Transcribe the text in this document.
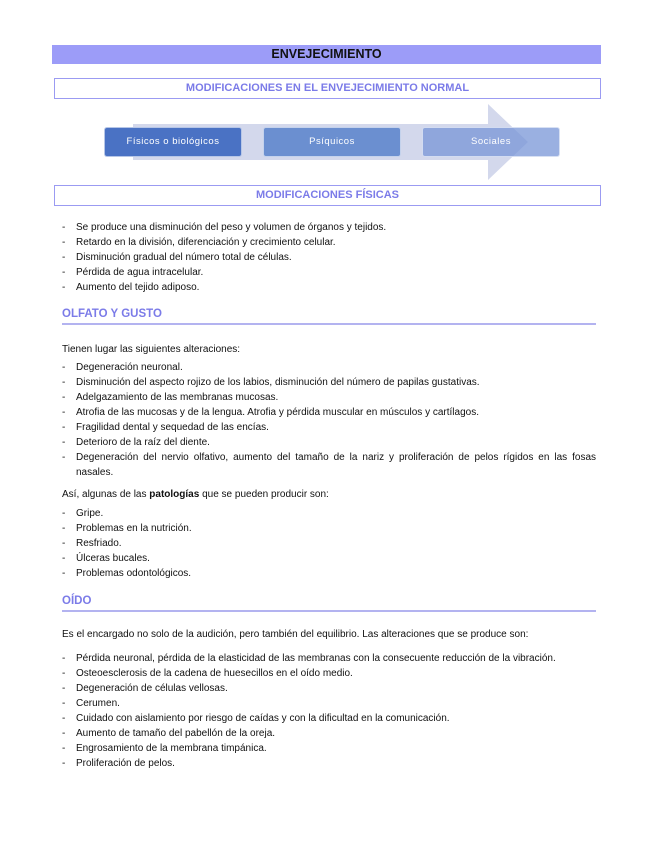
ENVEJECIMIENTO
MODIFICACIONES EN EL ENVEJECIMIENTO NORMAL
Físicos o biológicos	Psíquicos	Sociales
MODIFICACIONES FÍSICAS
- Se produce una disminución del peso y volumen de órganos y tejidos.
- Retardo en la división, diferenciación y crecimiento celular.
- Disminución gradual del número total de células.
- Pérdida de agua intracelular.
- Aumento del tejido adiposo.
OLFATO Y GUSTO
Tienen lugar las siguientes alteraciones:
- Degeneración neuronal.
- Disminución del aspecto rojizo de los labios, disminución del número de papilas gustativas.
- Adelgazamiento de las membranas mucosas.
- Atrofia de las mucosas y de la lengua. Atrofia y pérdida muscular en músculos y cartílagos.
- Fragilidad dental y sequedad de las encías.
- Deterioro de la raíz del diente.
- Degeneración del nervio olfativo, aumento del tamaño de la nariz y proliferación de pelos rígidos en las fosas nasales.
Así, algunas de las patologías que se pueden producir son:
- Gripe.
- Problemas en la nutrición.
- Resfriado.
- Úlceras bucales.
- Problemas odontológicos.
OÍDO
Es el encargado no solo de la audición, pero también del equilibrio. Las alteraciones que se produce son:
- Pérdida neuronal, pérdida de la elasticidad de las membranas con la consecuente reducción de la vibración.
- Osteoesclerosis de la cadena de huesecillos en el oído medio.
- Degeneración de células vellosas.
- Cerumen.
- Cuidado con aislamiento por riesgo de caídas y con la dificultad en la comunicación.
- Aumento de tamaño del pabellón de la oreja.
- Engrosamiento de la membrana timpánica.
- Proliferación de pelos.
